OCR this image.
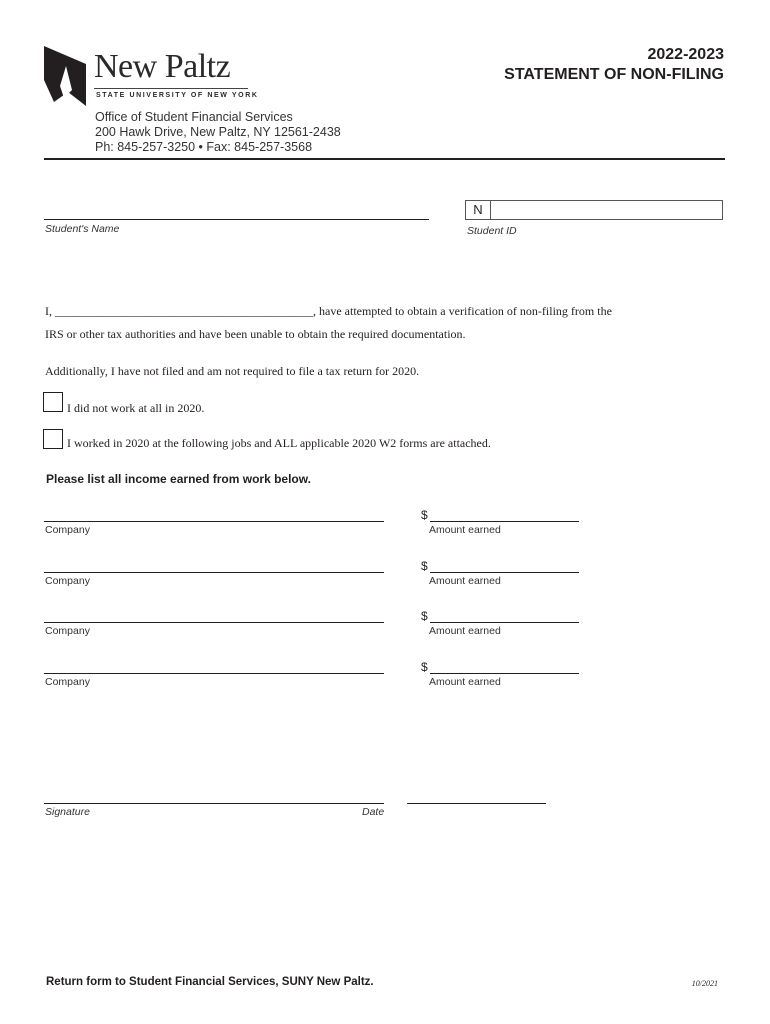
New Paltz
STATE UNIVERSITY OF NEW YORK
2022-2023
STATEMENT OF NON-FILING
Office of Student Financial Services
200 Hawk Drive, New Paltz, NY 12561-2438
Ph: 845-257-3250 • Fax: 845-257-3568
Student's Name
N
Student ID
I, ___________________________________________, have attempted to obtain a verification of non-filing from the
IRS or other tax authorities and have been unable to obtain the required documentation.
Additionally, I have not filed and am not required to file a tax return for 2020.
I did not work at all in 2020.
I worked in 2020 at the following jobs and ALL applicable 2020 W2 forms are attached.
Please list all income earned from work below.
Company
$
Amount earned
Company
$
Amount earned
Company
$
Amount earned
Company
$
Amount earned
Signature	Date
Return form to Student Financial Services, SUNY New Paltz.	10/2021
